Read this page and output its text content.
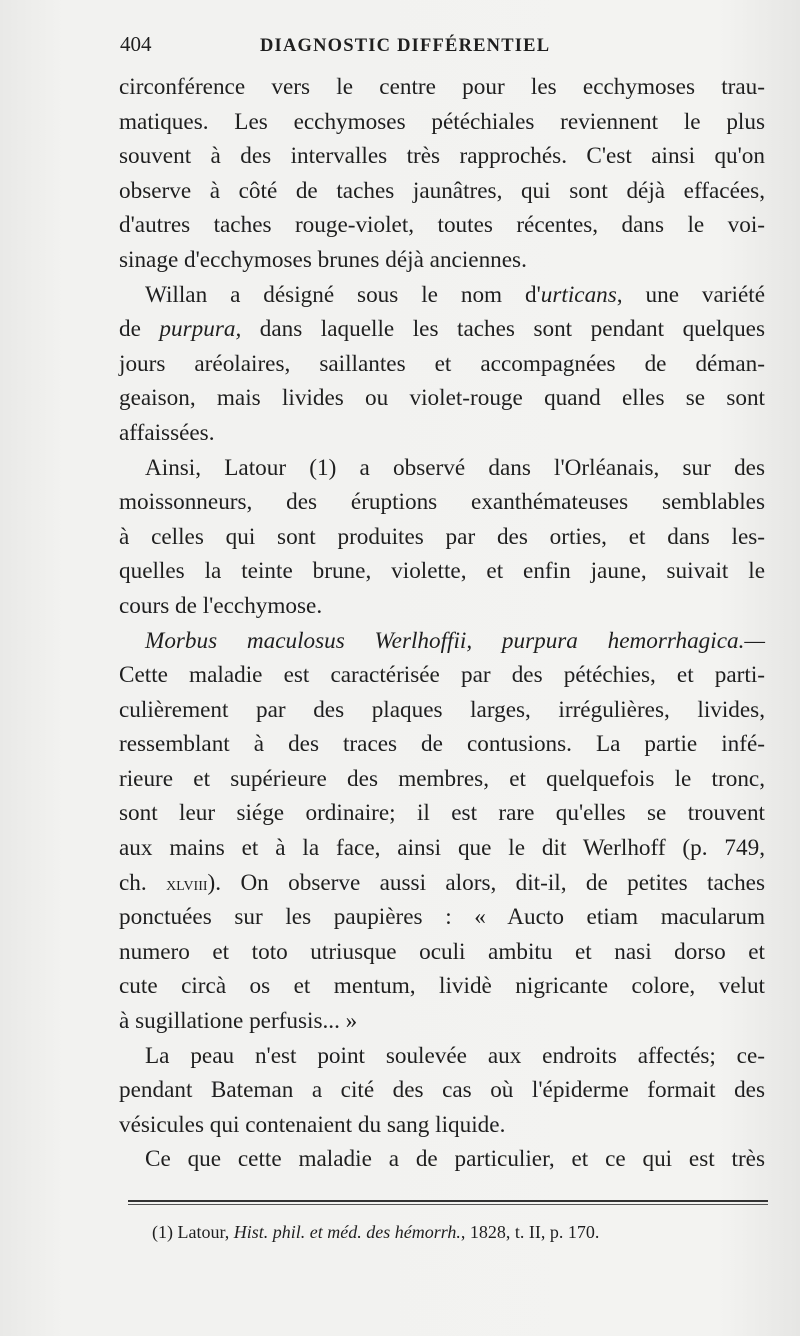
404	DIAGNOSTIC DIFFÉRENTIEL
circonférence vers le centre pour les ecchymoses trau-
matiques. Les ecchymoses pétéchiales reviennent le plus
souvent à des intervalles très rapprochés. C'est ainsi qu'on
observe à côté de taches jaunâtres, qui sont déjà effacées,
d'autres taches rouge-violet, toutes récentes, dans le voi-
sinage d'ecchymoses brunes déjà anciennes.
Willan a désigné sous le nom d'urticans, une variété
de purpura, dans laquelle les taches sont pendant quelques
jours aréolaires, saillantes et accompagnées de déman-
geaison, mais livides ou violet-rouge quand elles se sont
affaissées.
Ainsi, Latour (1) a observé dans l'Orléanais, sur des
moissonneurs, des éruptions exanthémateuses semblables
à celles qui sont produites par des orties, et dans les-
quelles la teinte brune, violette, et enfin jaune, suivait le
cours de l'ecchymose.
Morbus maculosus Werlhoffii, purpura hemorrhagica.—
Cette maladie est caractérisée par des pétéchies, et parti-
culièrement par des plaques larges, irrégulières, livides,
ressemblant à des traces de contusions. La partie infé-
rieure et supérieure des membres, et quelquefois le tronc,
sont leur siége ordinaire; il est rare qu'elles se trouvent
aux mains et à la face, ainsi que le dit Werlhoff (p. 749,
ch. xlviii). On observe aussi alors, dit-il, de petites taches
ponctuées sur les paupières : « Aucto etiam macularum
numero et toto utriusque oculi ambitu et nasi dorso et
cute circà os et mentum, lividè nigricante colore, velut
à sugillatione perfusis... »
La peau n'est point soulevée aux endroits affectés; ce-
pendant Bateman a cité des cas où l'épiderme formait des
vésicules qui contenaient du sang liquide.
Ce que cette maladie a de particulier, et ce qui est très
(1) Latour, Hist. phil. et méd. des hémorrh., 1828, t. II, p. 170.
